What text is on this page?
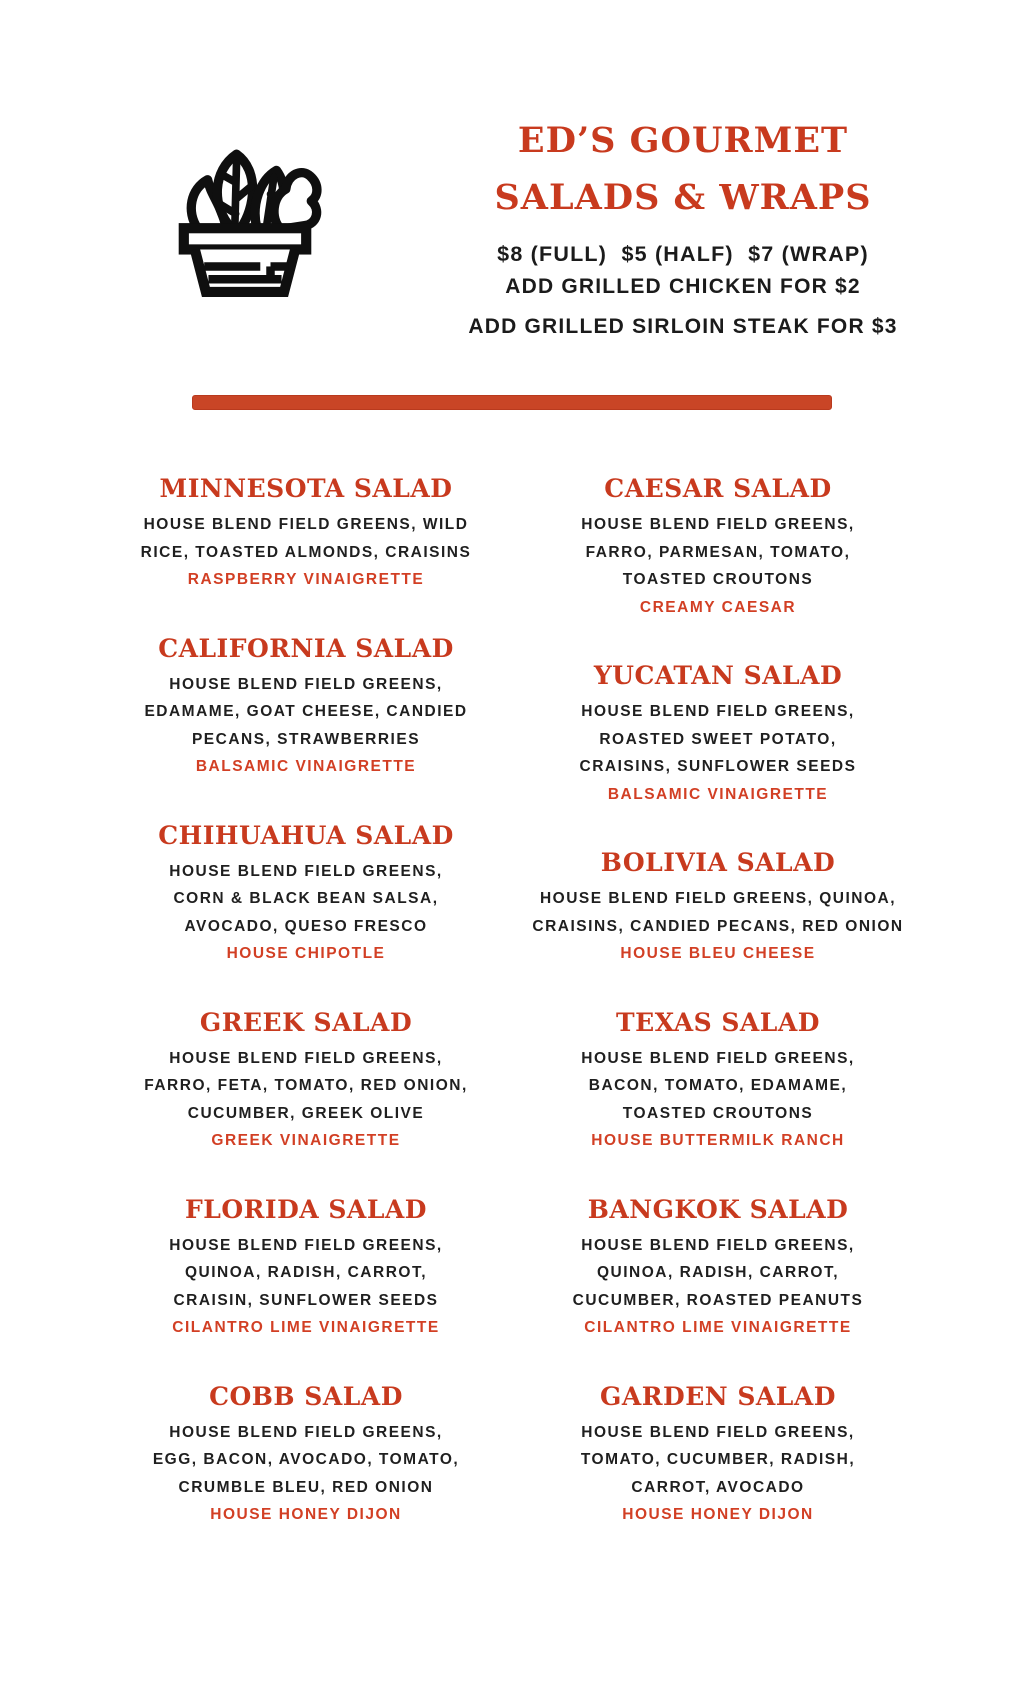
ED’S GOURMET
SALADS & WRAPS
$8 (FULL)  $5 (HALF)  $7 (WRAP)
ADD GRILLED CHICKEN FOR $2
ADD GRILLED SIRLOIN STEAK FOR $3
MINNESOTA SALAD
HOUSE BLEND FIELD GREENS, WILD
RICE, TOASTED ALMONDS, CRAISINS
RASPBERRY VINAIGRETTE
CALIFORNIA SALAD
HOUSE BLEND FIELD GREENS,
EDAMAME, GOAT CHEESE, CANDIED
PECANS, STRAWBERRIES
BALSAMIC VINAIGRETTE
CHIHUAHUA SALAD
HOUSE BLEND FIELD GREENS,
CORN & BLACK BEAN SALSA,
AVOCADO, QUESO FRESCO
HOUSE CHIPOTLE
GREEK SALAD
HOUSE BLEND FIELD GREENS,
FARRO, FETA, TOMATO, RED ONION,
CUCUMBER, GREEK OLIVE
GREEK VINAIGRETTE
FLORIDA SALAD
HOUSE BLEND FIELD GREENS,
QUINOA, RADISH, CARROT,
CRAISIN, SUNFLOWER SEEDS
CILANTRO LIME VINAIGRETTE
COBB SALAD
HOUSE BLEND FIELD GREENS,
EGG, BACON, AVOCADO, TOMATO,
CRUMBLE BLEU, RED ONION
HOUSE HONEY DIJON
CAESAR SALAD
HOUSE BLEND FIELD GREENS,
FARRO, PARMESAN, TOMATO,
TOASTED CROUTONS
CREAMY CAESAR
YUCATAN SALAD
HOUSE BLEND FIELD GREENS,
ROASTED SWEET POTATO,
CRAISINS, SUNFLOWER SEEDS
BALSAMIC VINAIGRETTE
BOLIVIA SALAD
HOUSE BLEND FIELD GREENS, QUINOA,
CRAISINS, CANDIED PECANS, RED ONION
HOUSE BLEU CHEESE
TEXAS SALAD
HOUSE BLEND FIELD GREENS,
BACON, TOMATO, EDAMAME,
TOASTED CROUTONS
HOUSE BUTTERMILK RANCH
BANGKOK SALAD
HOUSE BLEND FIELD GREENS,
QUINOA, RADISH, CARROT,
CUCUMBER, ROASTED PEANUTS
CILANTRO LIME VINAIGRETTE
GARDEN SALAD
HOUSE BLEND FIELD GREENS,
TOMATO, CUCUMBER, RADISH,
CARROT, AVOCADO
HOUSE HONEY DIJON
